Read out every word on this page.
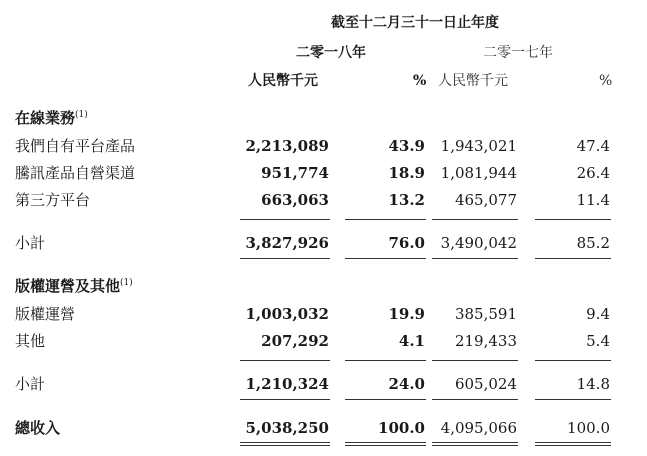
截至十二月三十一日止年度
二零一八年	二零一七年
人民幣千元	% 人民幣千元	%
在線業務$^{(1)}$
我們自有平台產品	2,213,089	43.9 1,943,021	47.4
騰訊產品自營渠道	951,774	18.9 1,081,944	26.4
第三方平台	663,063	13.2 465,077	11.4
小計	3,827,926	76.0 3,490,042	85.2
版權運營及其他$^{(1)}$
版權運營	1,003,032	19.9 385,591	9.4
其他	207,292	4.1 219,433	5.4
小計	1,210,324	24.0 605,024	14.8
總收入	5,038,250	100.0 4,095,066	100.0
